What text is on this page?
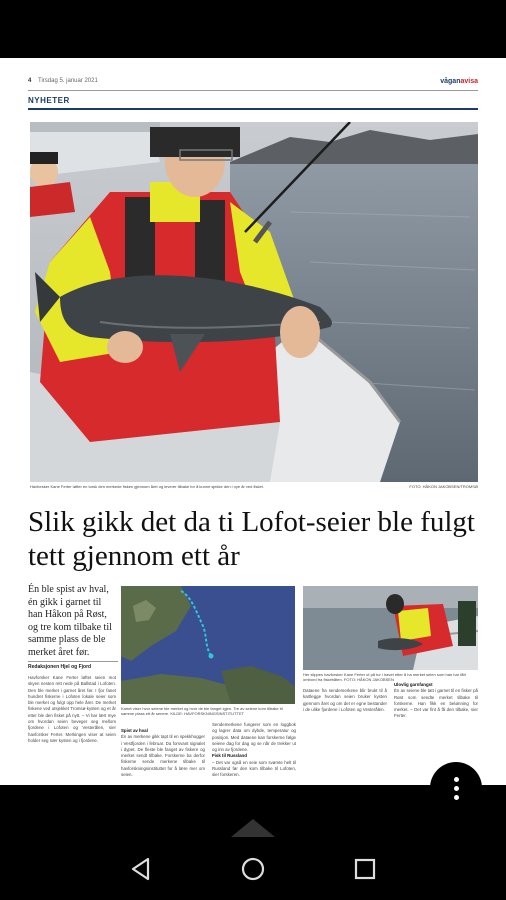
4 Tirsdag 5. januar 2021	våganavisa
NYHETER
Havforsker Kane Ferter løfter en torsk den merkede fisken gjennom året og leverer tilbake for å kunne sjekke den i nye år ved fisket.	FOTO: HÅKON JAKOBSEN/TROMSØ
Slik gikk det da ti Lofot-seier ble fulgt tett gjennom ett år
Én ble spist av hval, én gikk i garnet til han Håkon på Røst, og tre kom tilbake til samme plass de ble merket året før.
Redaksjonen Hjel og Fjord
Havforsker Kane Ferter løftet seien mot skyen nesten rett nede på Ballstad i Lofoten. Den ble merket i garnet året før. I fjor fanet hundret fiskerne i Lofoten lokale seier som ble merket og fulgt opp hele året. De merket fiskene ved utsjekket Tromsø-kysten og et år etter ble den fisket på nytt. – Vi har lært mye om hvordan seien beveger seg mellom fjordene i Lofoten og Vesterålen, sier havforsker Ferter. Merkingen viser at seien holder seg nær kysten og i fjordene.
Kartet viser hvor seiene ble merket og hvor de ble fanget igjen. Tre av seiene kom tilbake til samme plass ett år senere. KILDE: HAVFORSKNINGSINSTITUTTET
Spist av hval
Én av merkene gikk tapt til en spekkhogger i Vestfjorden i februar. Da forsvant signalet i dypet. De fleste ble fanget av fiskere og merket sendt tilbake. Forskerne ba derfor fiskerne sende merkene tilbake til havforskningsinstituttet for å lære mer om seien.
Sendemerkene fungerer som en loggbok og lagrer data om dybde, temperatur og posisjon. Med dataene kan forskerne følge seiene dag for dag og se når de trekker ut og inn av fjordene.
Fisk til Russland
– Det var også en seie som svømte helt til Russland før den kom tilbake til Lofoten, sier forskeren.
Her slippes havforsker Kane Ferter ut på tur i havet etter å ha merket seien som han har fått ombord fra fiskebåten. FOTO: HÅKON JAKOBSEN
Dataene fra sendemerkene blir brukt til å kartlegge hvordan seien bruker kysten gjennom året og om det er egne bestander i de ulike fjordene i Lofoten og Vesterålen.
Ulovlig garnfangst
Én av seiene ble tatt i garnet til en fisker på Røst som sendte merket tilbake til forskerne. Han fikk en belønning for merket. – Det var fint å få den tilbake, sier Ferter.
